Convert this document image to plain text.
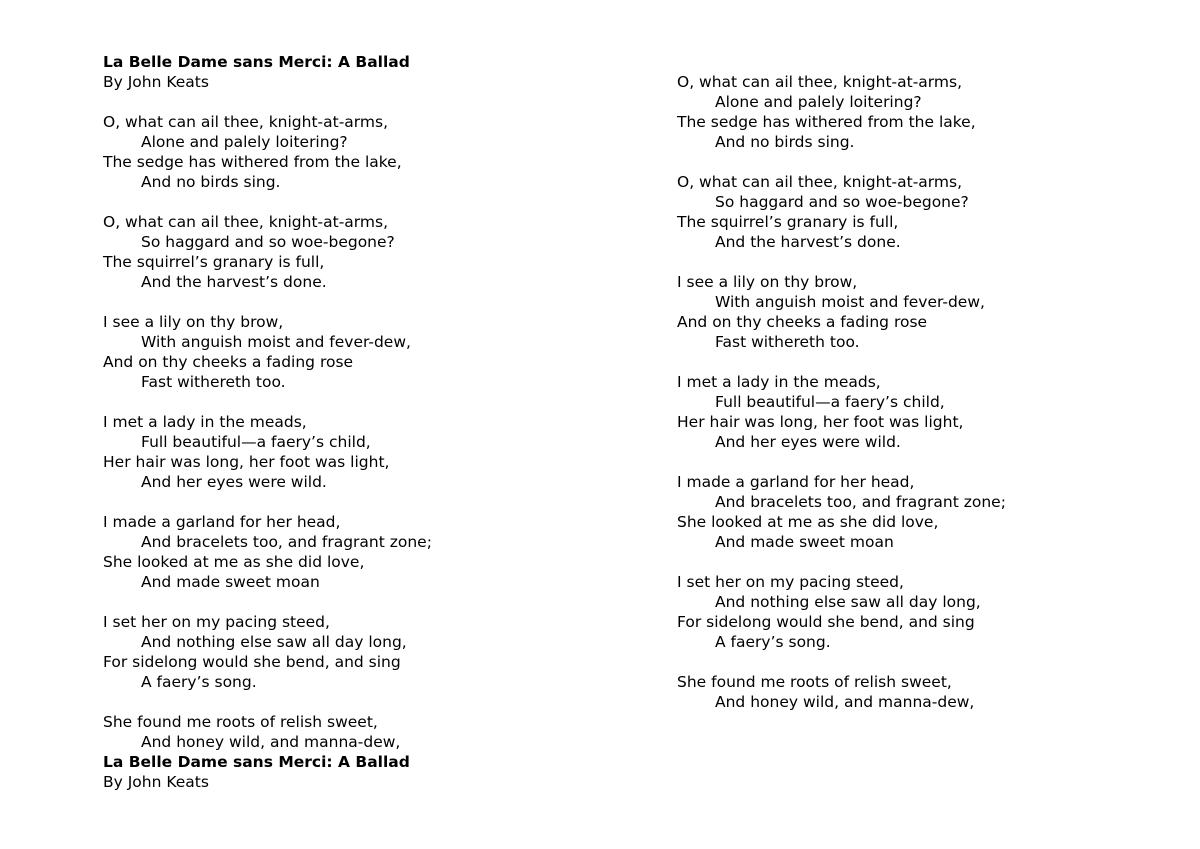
La Belle Dame sans Merci: A Ballad
By John Keats
O, what can ail thee, knight-at-arms,
Alone and palely loitering?
The sedge has withered from the lake,
And no birds sing.
O, what can ail thee, knight-at-arms,
So haggard and so woe-begone?
The squirrel’s granary is full,
And the harvest’s done.
I see a lily on thy brow,
With anguish moist and fever-dew,
And on thy cheeks a fading rose
Fast withereth too.
I met a lady in the meads,
Full beautiful—a faery’s child,
Her hair was long, her foot was light,
And her eyes were wild.
I made a garland for her head,
And bracelets too, and fragrant zone;
She looked at me as she did love,
And made sweet moan
I set her on my pacing steed,
And nothing else saw all day long,
For sidelong would she bend, and sing
A faery’s song.
She found me roots of relish sweet,
And honey wild, and manna-dew,
La Belle Dame sans Merci: A Ballad
By John Keats
O, what can ail thee, knight-at-arms,
Alone and palely loitering?
The sedge has withered from the lake,
And no birds sing.
O, what can ail thee, knight-at-arms,
So haggard and so woe-begone?
The squirrel’s granary is full,
And the harvest’s done.
I see a lily on thy brow,
With anguish moist and fever-dew,
And on thy cheeks a fading rose
Fast withereth too.
I met a lady in the meads,
Full beautiful—a faery’s child,
Her hair was long, her foot was light,
And her eyes were wild.
I made a garland for her head,
And bracelets too, and fragrant zone;
She looked at me as she did love,
And made sweet moan
I set her on my pacing steed,
And nothing else saw all day long,
For sidelong would she bend, and sing
A faery’s song.
She found me roots of relish sweet,
And honey wild, and manna-dew,
